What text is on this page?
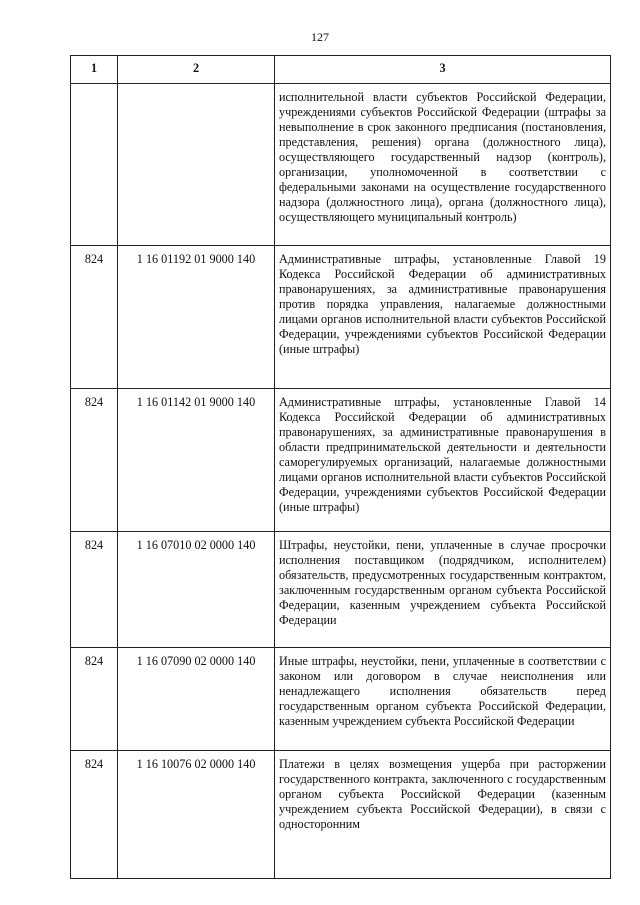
127
1	2	3
		исполнительной власти субъектов Российской Федерации, учреждениями субъектов Российской Федерации (штрафы за невыполнение в срок законного предписания (постановления, представления, решения) органа (должностного лица), осуществляющего государственный надзор (контроль), организации, уполномоченной в соответствии с федеральными законами на осуществление государственного надзора (должностного лица), органа (должностного лица), осуществляющего муниципальный контроль)
824	1 16 01192 01 9000 140	Административные штрафы, установленные Главой 19 Кодекса Российской Федерации об административных правонарушениях, за административные правонарушения против порядка управления, налагаемые должностными лицами органов исполнительной власти субъектов Российской Федерации, учреждениями субъектов Российской Федерации (иные штрафы)
824	1 16 01142 01 9000 140	Административные штрафы, установленные Главой 14 Кодекса Российской Федерации об административных правонарушениях, за административные правонарушения в области предпринимательской деятельности и деятельности саморегулируемых организаций, налагаемые должностными лицами органов исполнительной власти субъектов Российской Федерации, учреждениями субъектов Российской Федерации (иные штрафы)
824	1 16 07010 02 0000 140	Штрафы, неустойки, пени, уплаченные в случае просрочки исполнения поставщиком (подрядчиком, исполнителем) обязательств, предусмотренных государственным контрактом, заключенным государственным органом субъекта Российской Федерации, казенным учреждением субъекта Российской Федерации
824	1 16 07090 02 0000 140	Иные штрафы, неустойки, пени, уплаченные в соответствии с законом или договором в случае неисполнения или ненадлежащего исполнения обязательств перед государственным органом субъекта Российской Федерации, казенным учреждением субъекта Российской Федерации
824	1 16 10076 02 0000 140	Платежи в целях возмещения ущерба при расторжении государственного контракта, заключенного с государственным органом субъекта Российской Федерации (казенным учреждением субъекта Российской Федерации), в связи с односторонним
